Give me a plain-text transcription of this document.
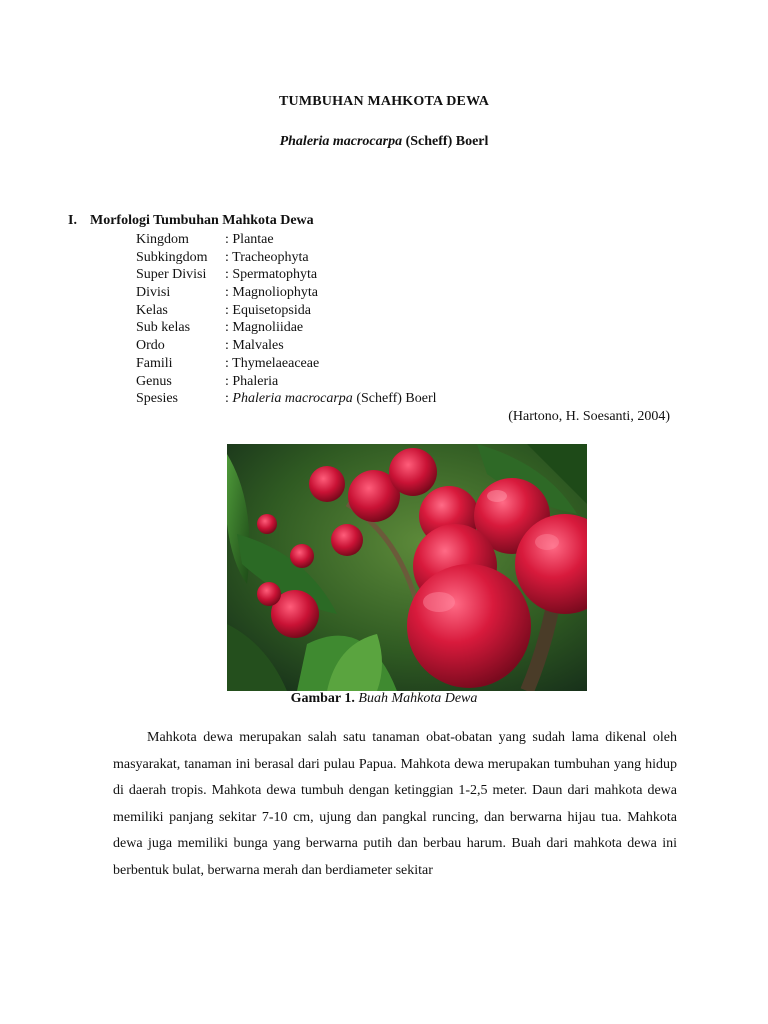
TUMBUHAN MAHKOTA DEWA
Phaleria macrocarpa (Scheff) Boerl
I. Morfologi Tumbuhan Mahkota Dewa
Kingdom	: Plantae
Subkingdom : Tracheophyta
Super Divisi : Spermatophyta
Divisi	: Magnoliophyta
Kelas	: Equisetopsida
Sub kelas : Magnoliidae
Ordo	: Malvales
Famili	: Thymelaeaceae
Genus	: Phaleria
Spesies	: Phaleria macrocarpa (Scheff) Boerl
(Hartono, H. Soesanti, 2004)
Gambar 1. Buah Mahkota Dewa
Mahkota dewa merupakan salah satu tanaman obat-obatan yang sudah lama dikenal oleh masyarakat, tanaman ini berasal dari pulau Papua. Mahkota dewa merupakan tumbuhan yang hidup di daerah tropis. Mahkota dewa tumbuh dengan ketinggian 1-2,5 meter. Daun dari mahkota dewa memiliki panjang sekitar 7-10 cm, ujung dan pangkal runcing, dan berwarna hijau tua. Mahkota dewa juga memiliki bunga yang berwarna putih dan berbau harum. Buah dari mahkota dewa ini berbentuk bulat, berwarna merah dan berdiameter sekitar
